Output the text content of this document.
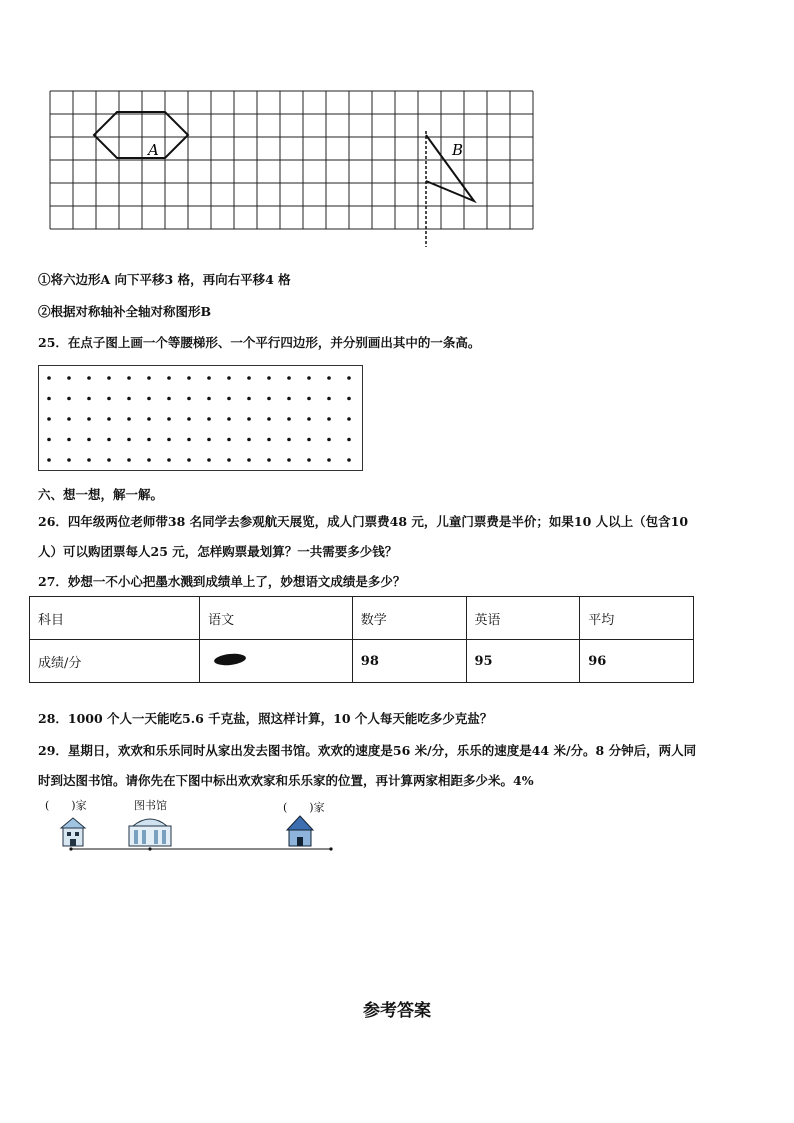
A	B
①将六边形A 向下平移3 格，再向右平移4 格
②根据对称轴补全轴对称图形B
25．在点子图上画一个等腰梯形、一个平行四边形，并分别画出其中的一条高。
六、想一想，解一解。
26．四年级两位老师带38 名同学去参观航天展览，成人门票费48 元，儿童门票费是半价；如果10 人以上（包含10
人）可以购团票每人25 元，怎样购票最划算？一共需要多少钱？
27．妙想一不小心把墨水溅到成绩单上了，妙想语文成绩是多少？
科目	语文	数学	英语	平均
成绩/分		98	95	96
28．1000 个人一天能吃5.6 千克盐，照这样计算，10 个人每天能吃多少克盐？
29．星期日，欢欢和乐乐同时从家出发去图书馆。欢欢的速度是56 米/分，乐乐的速度是44 米/分。8 分钟后，两人同
时到达图书馆。请你先在下图中标出欢欢家和乐乐家的位置，再计算两家相距多少米。4%
(　　)家	图书馆	(　　)家
参考答案
